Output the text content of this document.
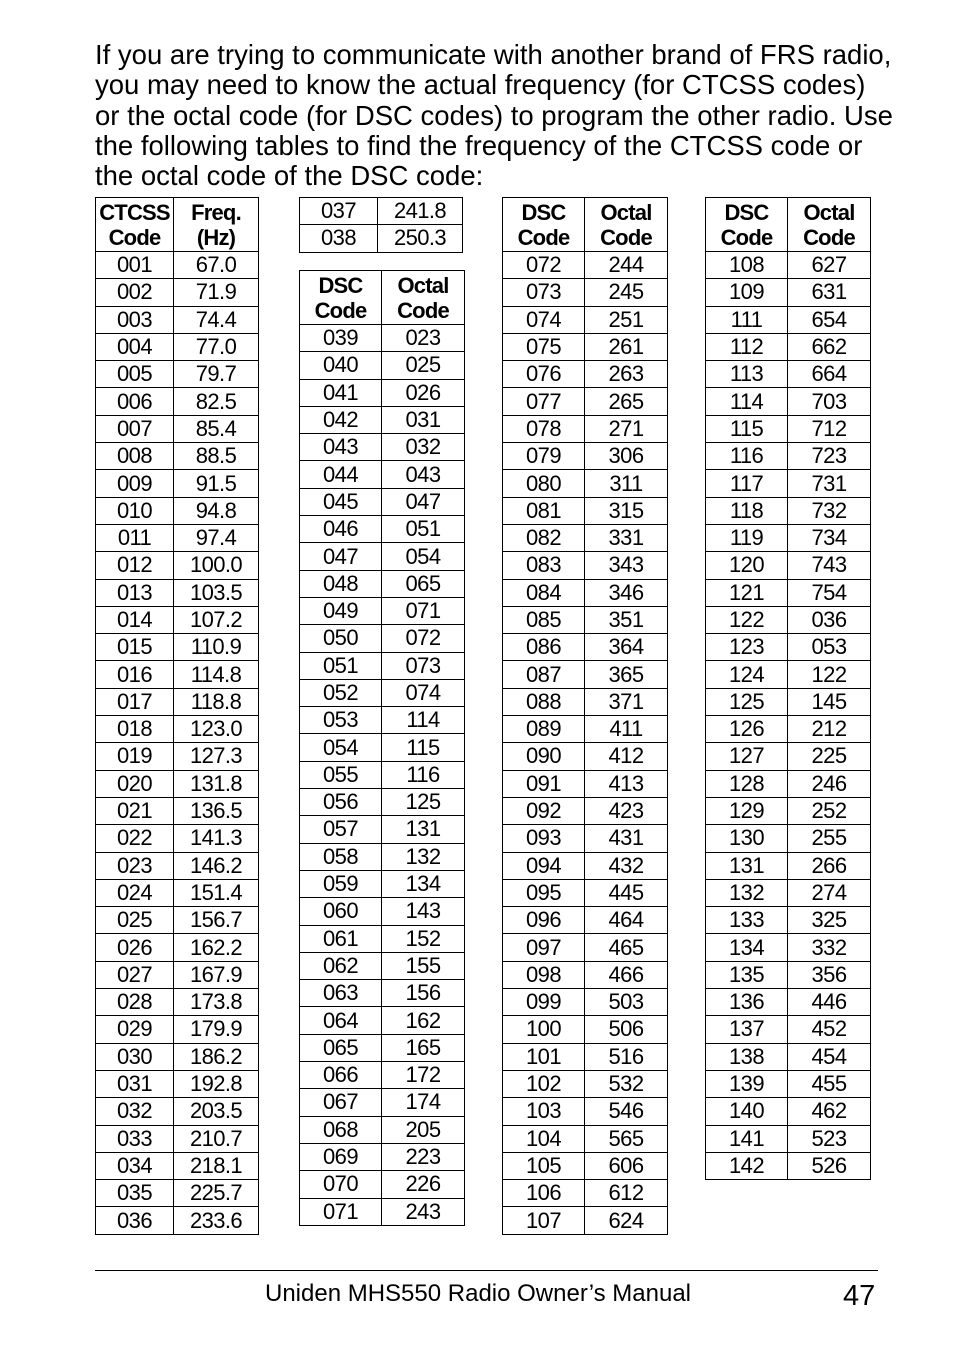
If you are trying to communicate with another brand of FRS radio, you may need to know the actual frequency (for CTCSS codes) or the octal code (for DSC codes) to program the other radio. Use the following tables to find the frequency of the CTCSS code or the octal code of the DSC code:

CTCSS Code	Freq. (Hz)
001	67.0
002	71.9
003	74.4
004	77.0
005	79.7
006	82.5
007	85.4
008	88.5
009	91.5
010	94.8
011	97.4
012	100.0
013	103.5
014	107.2
015	110.9
016	114.8
017	118.8
018	123.0
019	127.3
020	131.8
021	136.5
022	141.3
023	146.2
024	151.4
025	156.7
026	162.2
027	167.9
028	173.8
029	179.9
030	186.2
031	192.8
032	203.5
033	210.7
034	218.1
035	225.7
036	233.6
037	241.8
038	250.3
DSC Code	Octal Code
039	023
040	025
041	026
042	031
043	032
044	043
045	047
046	051
047	054
048	065
049	071
050	072
051	073
052	074
053	114
054	115
055	116
056	125
057	131
058	132
059	134
060	143
061	152
062	155
063	156
064	162
065	165
066	172
067	174
068	205
069	223
070	226
071	243
DSC Code	Octal Code
072	244
073	245
074	251
075	261
076	263
077	265
078	271
079	306
080	311
081	315
082	331
083	343
084	346
085	351
086	364
087	365
088	371
089	411
090	412
091	413
092	423
093	431
094	432
095	445
096	464
097	465
098	466
099	503
100	506
101	516
102	532
103	546
104	565
105	606
106	612
107	624
DSC Code	Octal Code
108	627
109	631
111	654
112	662
113	664
114	703
115	712
116	723
117	731
118	732
119	734
120	743
121	754
122	036
123	053
124	122
125	145
126	212
127	225
128	246
129	252
130	255
131	266
132	274
133	325
134	332
135	356
136	446
137	452
138	454
139	455
140	462
141	523
142	526
Uniden MHS550 Radio Owner’s Manual	47
